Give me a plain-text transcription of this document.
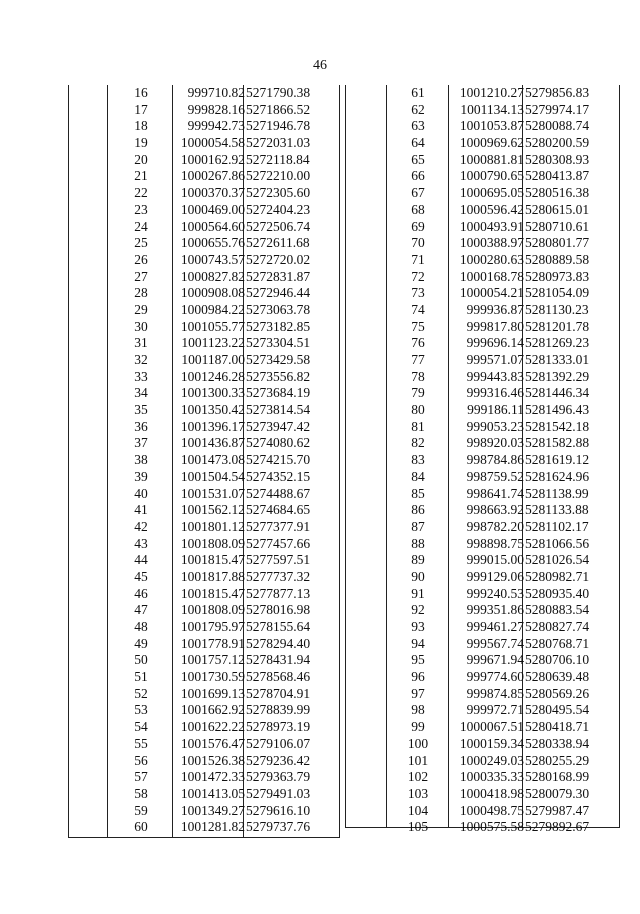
46
16	999710.82 5271790.38
17	999828.16 5271866.52
18	999942.73 5271946.78
19	1000054.58 5272031.03
20	1000162.92 5272118.84
21	1000267.86 5272210.00
22	1000370.37 5272305.60
23	1000469.00 5272404.23
24	1000564.60 5272506.74
25	1000655.76 5272611.68
26	1000743.57 5272720.02
27	1000827.82 5272831.87
28	1000908.08 5272946.44
29	1000984.22 5273063.78
30	1001055.77 5273182.85
31	1001123.22 5273304.51
32	1001187.00 5273429.58
33	1001246.28 5273556.82
34	1001300.33 5273684.19
35	1001350.42 5273814.54
36	1001396.17 5273947.42
37	1001436.87 5274080.62
38	1001473.08 5274215.70
39	1001504.54 5274352.15
40	1001531.07 5274488.67
41	1001562.12 5274684.65
42	1001801.12 5277377.91
43	1001808.09 5277457.66
44	1001815.47 5277597.51
45	1001817.88 5277737.32
46	1001815.47 5277877.13
47	1001808.09 5278016.98
48	1001795.97 5278155.64
49	1001778.91 5278294.40
50	1001757.12 5278431.94
51	1001730.59 5278568.46
52	1001699.13 5278704.91
53	1001662.92 5278839.99
54	1001622.22 5278973.19
55	1001576.47 5279106.07
56	1001526.38 5279236.42
57	1001472.33 5279363.79
58	1001413.05 5279491.03
59	1001349.27 5279616.10
60	1001281.82 5279737.76
61	1001210.27 5279856.83
62	1001134.13 5279974.17
63	1001053.87 5280088.74
64	1000969.62 5280200.59
65	1000881.81 5280308.93
66	1000790.65 5280413.87
67	1000695.05 5280516.38
68	1000596.42 5280615.01
69	1000493.91 5280710.61
70	1000388.97 5280801.77
71	1000280.63 5280889.58
72	1000168.78 5280973.83
73	1000054.21 5281054.09
74	999936.87 5281130.23
75	999817.80 5281201.78
76	999696.14 5281269.23
77	999571.07 5281333.01
78	999443.83 5281392.29
79	999316.46 5281446.34
80	999186.11 5281496.43
81	999053.23 5281542.18
82	998920.03 5281582.88
83	998784.86 5281619.12
84	998759.52 5281624.96
85	998641.74 5281138.99
86	998663.92 5281133.88
87	998782.20 5281102.17
88	998898.75 5281066.56
89	999015.00 5281026.54
90	999129.06 5280982.71
91	999240.53 5280935.40
92	999351.86 5280883.54
93	999461.27 5280827.74
94	999567.74 5280768.71
95	999671.94 5280706.10
96	999774.60 5280639.48
97	999874.85 5280569.26
98	999972.71 5280495.54
99	1000067.51 5280418.71
100	1000159.34 5280338.94
101	1000249.03 5280255.29
102	1000335.33 5280168.99
103	1000418.98 5280079.30
104	1000498.75 5279987.47
105	1000575.58 5279892.67
